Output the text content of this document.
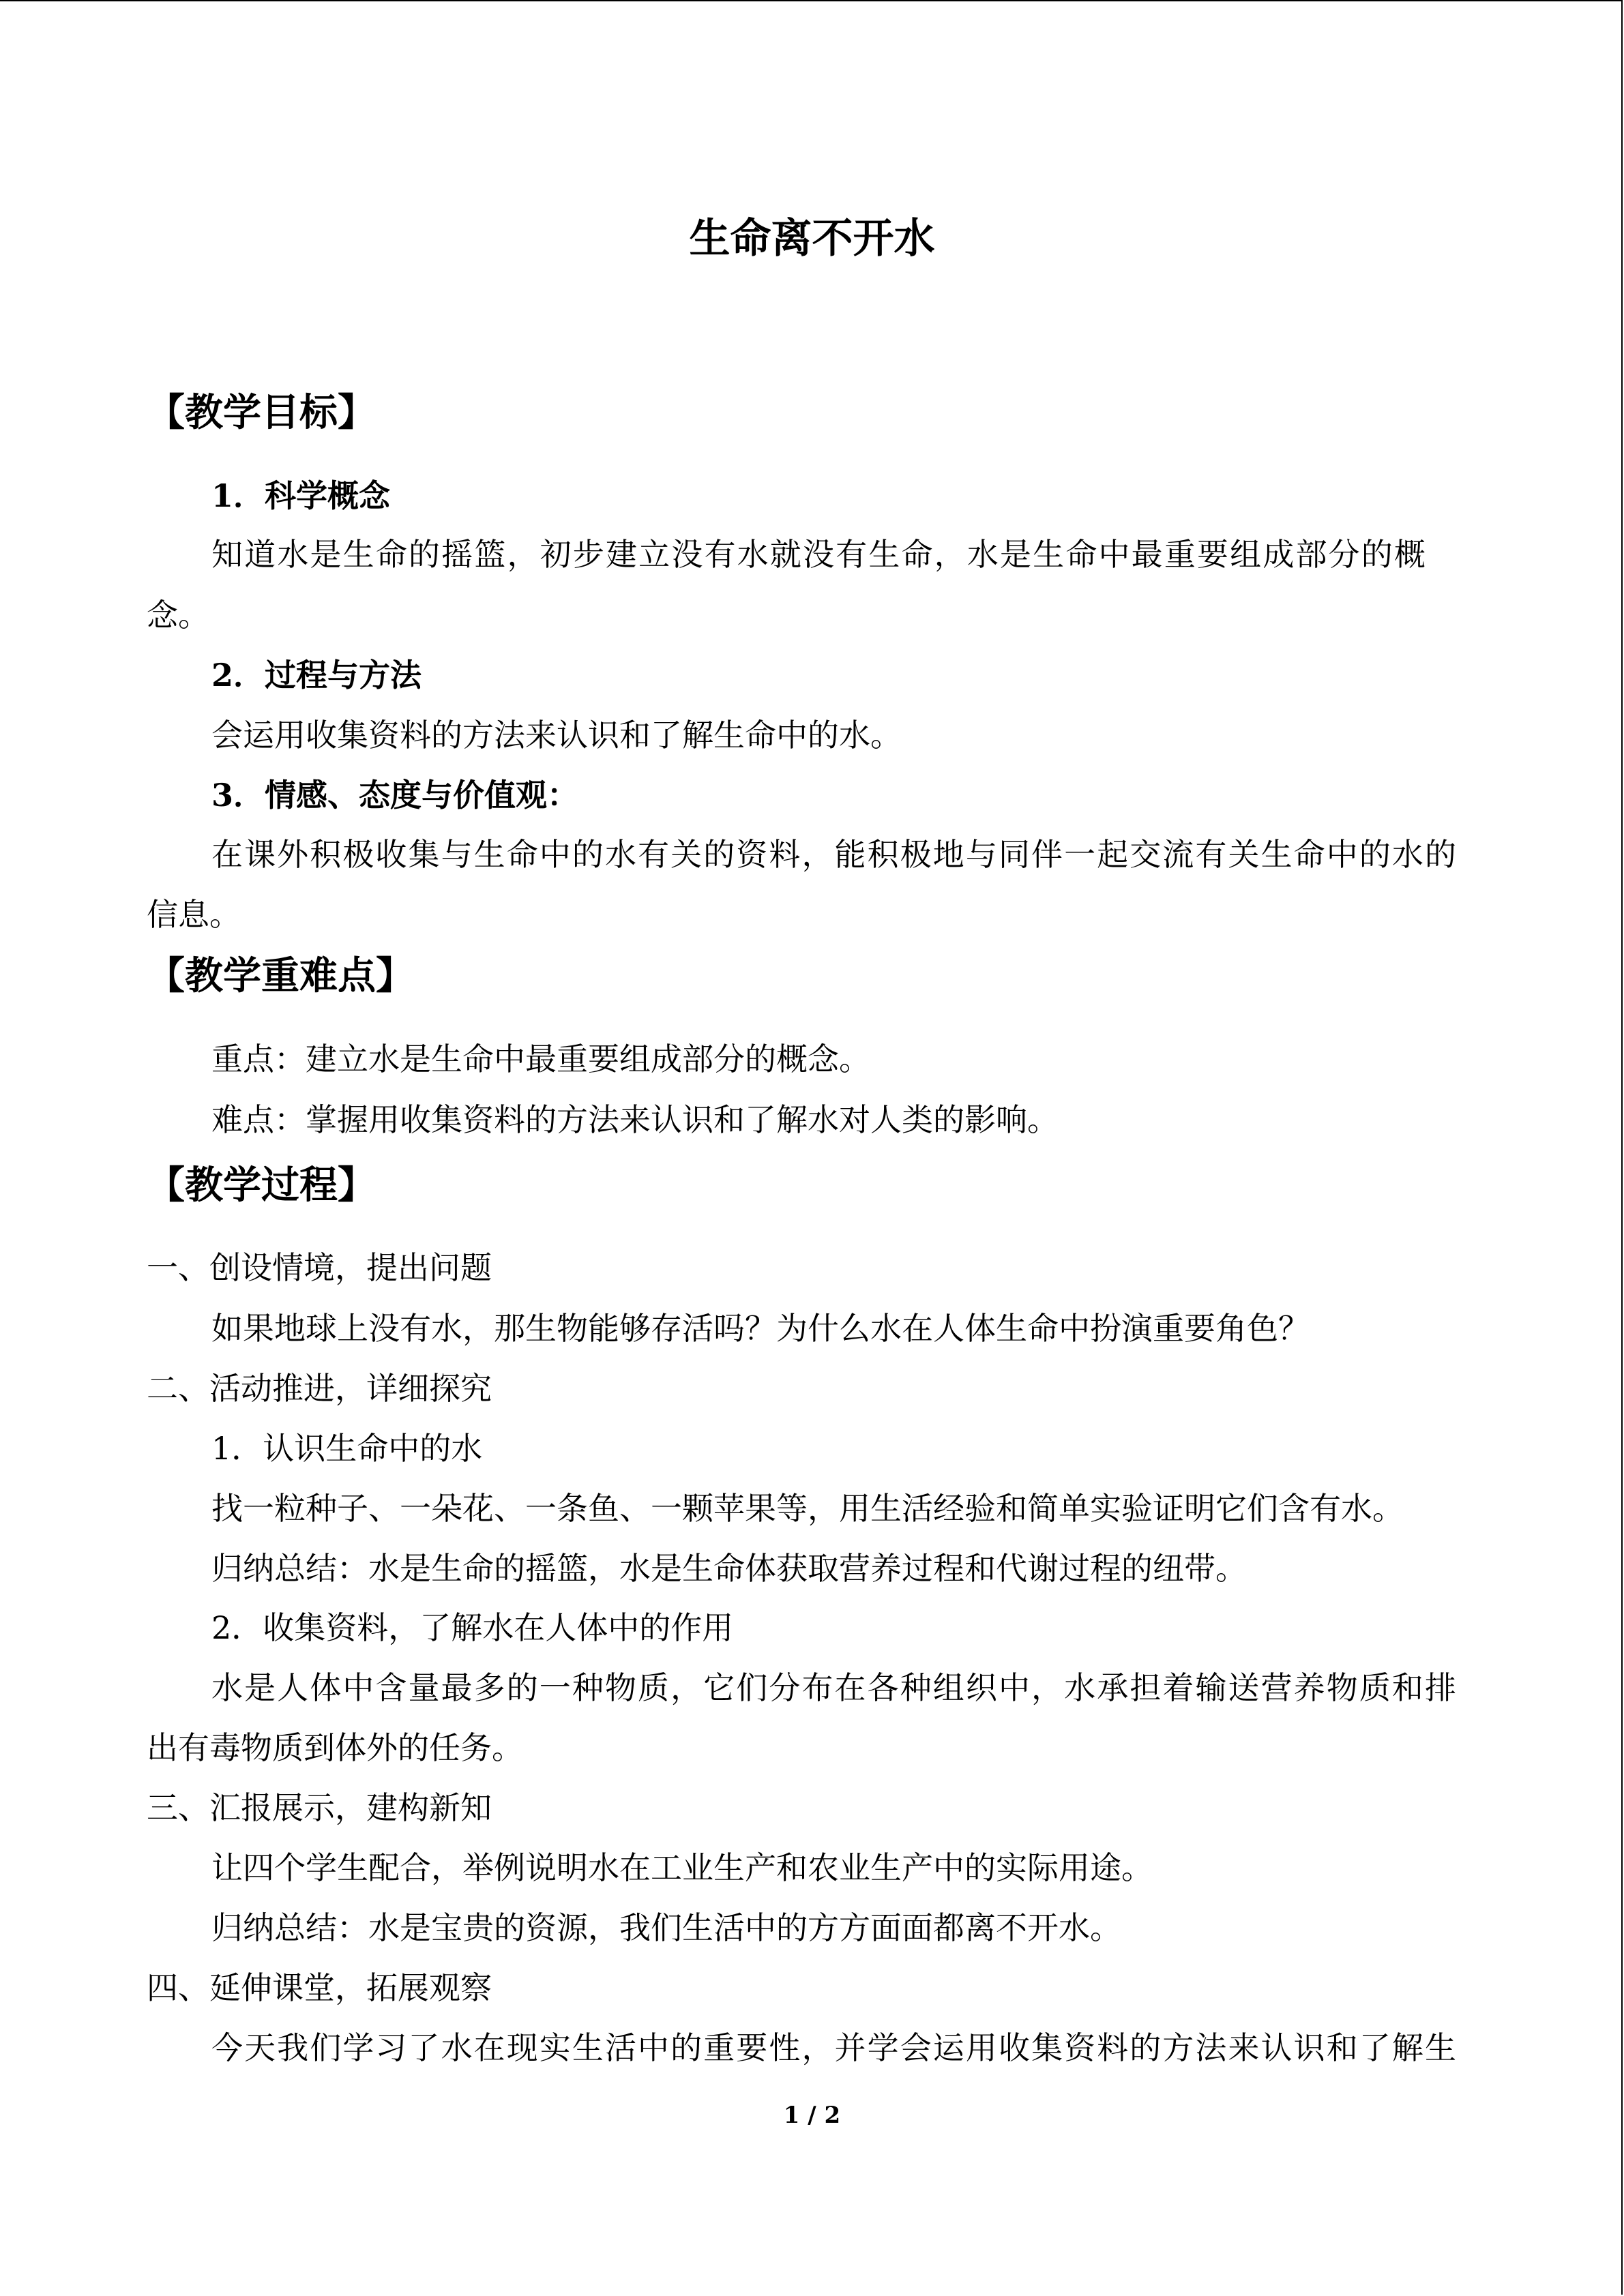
生命离不开水
【教学目标】
1．科学概念
知道水是生命的摇篮，初步建立没有水就没有生命，水是生命中最重要组成部分的概
念。
2．过程与方法
会运用收集资料的方法来认识和了解生命中的水。
3．情感、态度与价值观：
在课外积极收集与生命中的水有关的资料，能积极地与同伴一起交流有关生命中的水的
信息。
【教学重难点】
重点：建立水是生命中最重要组成部分的概念。
难点：掌握用收集资料的方法来认识和了解水对人类的影响。
【教学过程】
一、创设情境，提出问题
如果地球上没有水，那生物能够存活吗？为什么水在人体生命中扮演重要角色？
二、活动推进，详细探究
1．认识生命中的水
找一粒种子、一朵花、一条鱼、一颗苹果等，用生活经验和简单实验证明它们含有水。
归纳总结：水是生命的摇篮，水是生命体获取营养过程和代谢过程的纽带。
2．收集资料，了解水在人体中的作用
水是人体中含量最多的一种物质，它们分布在各种组织中，水承担着输送营养物质和排
出有毒物质到体外的任务。
三、汇报展示，建构新知
让四个学生配合，举例说明水在工业生产和农业生产中的实际用途。
归纳总结：水是宝贵的资源，我们生活中的方方面面都离不开水。
四、延伸课堂，拓展观察
今天我们学习了水在现实生活中的重要性，并学会运用收集资料的方法来认识和了解生
1 / 2
